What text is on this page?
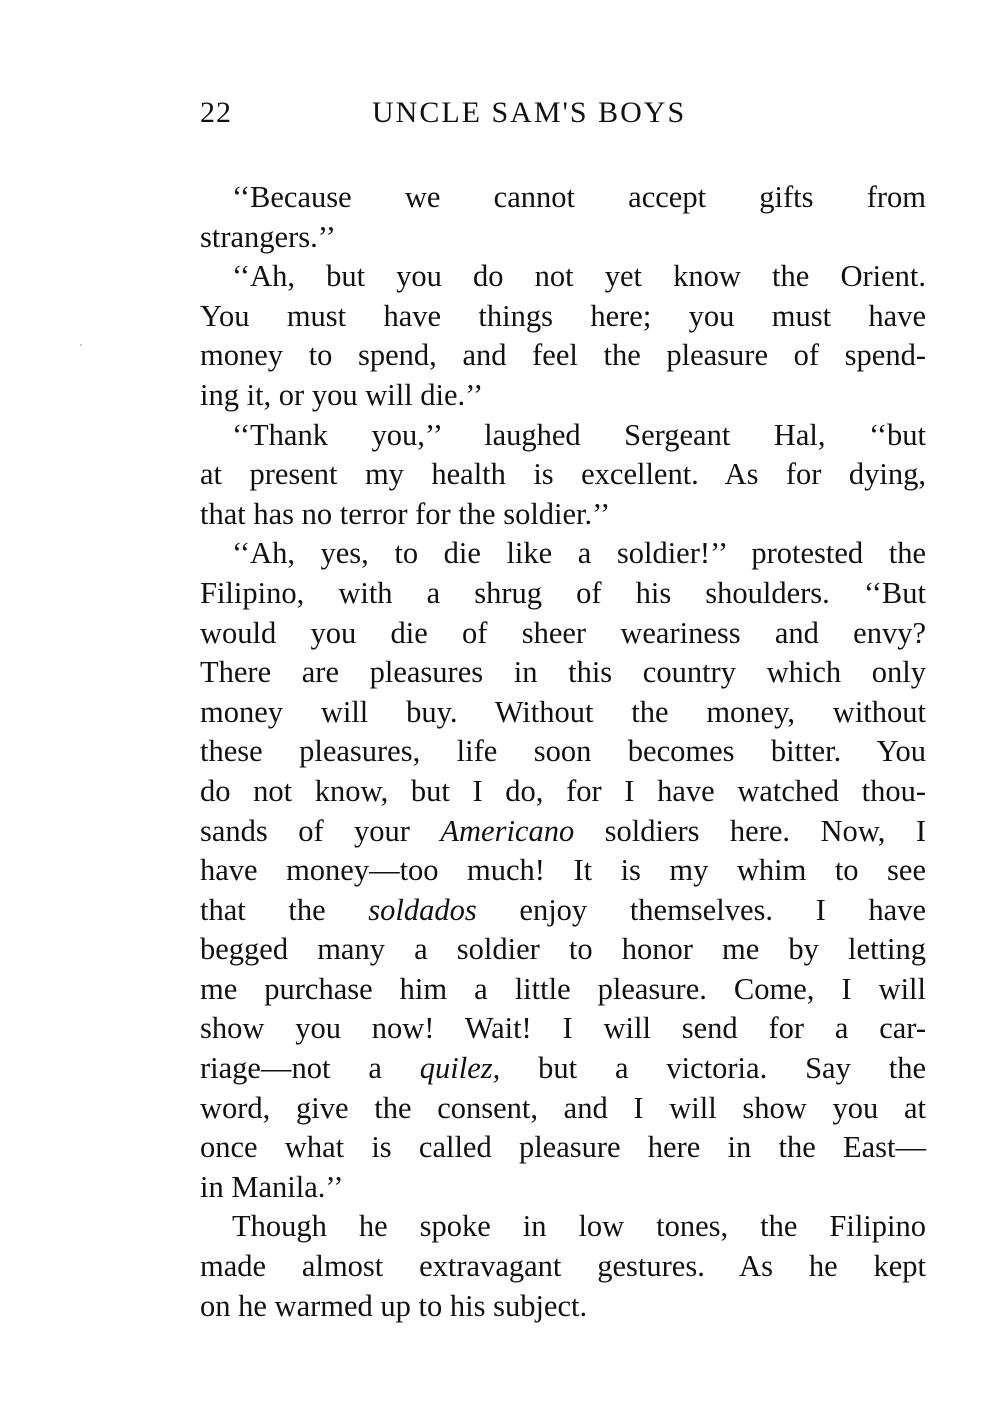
22	UNCLE SAM'S BOYS

‘‘Because we cannot accept gifts from
strangers.’’

‘‘Ah, but you do not yet know the Orient.
You must have things here; you must have
money to spend, and feel the pleasure of spend-
ing it, or you will die.’’

‘‘Thank you,’’ laughed Sergeant Hal, ‘‘but
at present my health is excellent. As for dying,
that has no terror for the soldier.’’

‘‘Ah, yes, to die like a soldier!’’ protested the
Filipino, with a shrug of his shoulders. ‘‘But
would you die of sheer weariness and envy?
There are pleasures in this country which only
money will buy. Without the money, without
these pleasures, life soon becomes bitter. You
do not know, but I do, for I have watched thou-
sands of your Americano soldiers here. Now, I
have money—too much! It is my whim to see
that the soldados enjoy themselves. I have
begged many a soldier to honor me by letting
me purchase him a little pleasure. Come, I will
show you now! Wait! I will send for a car-
riage—not a quilez, but a victoria. Say the
word, give the consent, and I will show you at
once what is called pleasure here in the East—
in Manila.’’

Though he spoke in low tones, the Filipino
made almost extravagant gestures. As he kept
on he warmed up to his subject.
